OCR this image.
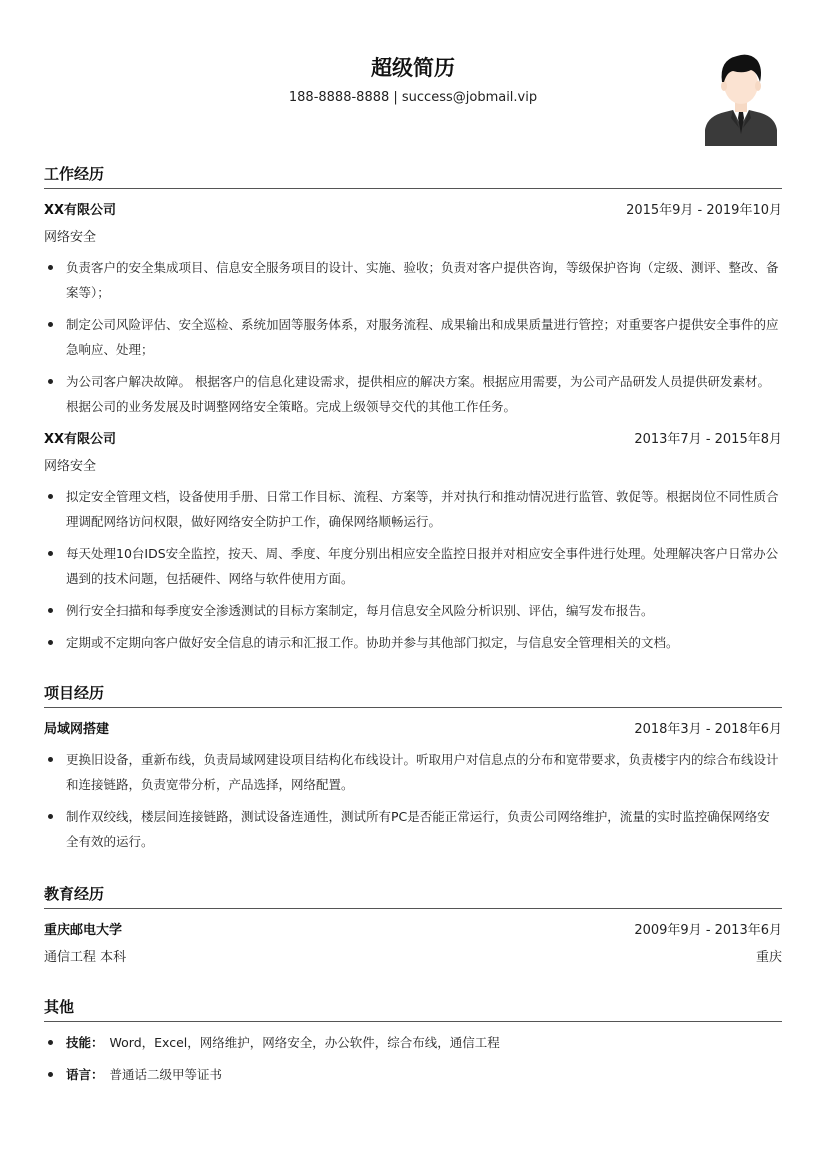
超级简历
188-8888-8888 | success@jobmail.vip
工作经历
XX有限公司	2015年9月 - 2019年10月
网络安全
负责客户的安全集成项目、信息安全服务项目的设计、实施、验收；负责对客户提供咨询，等级保护咨询（定级、测评、整改、备案等）；
制定公司风险评估、安全巡检、系统加固等服务体系，对服务流程、成果输出和成果质量进行管控；对重要客户提供安全事件的应急响应、处理；
为公司客户解决故障。 根据客户的信息化建设需求，提供相应的解决方案。根据应用需要，为公司产品研发人员提供研发素材。根据公司的业务发展及时调整网络安全策略。完成上级领导交代的其他工作任务。
XX有限公司	2013年7月 - 2015年8月
网络安全
拟定安全管理文档，设备使用手册、日常工作目标、流程、方案等，并对执行和推动情况进行监管、敦促等。根据岗位不同性质合理调配网络访问权限，做好网络安全防护工作，确保网络顺畅运行。
每天处理10台IDS安全监控，按天、周、季度、年度分别出相应安全监控日报并对相应安全事件进行处理。处理解决客户日常办公遇到的技术问题，包括硬件、网络与软件使用方面。
例行安全扫描和每季度安全渗透测试的目标方案制定，每月信息安全风险分析识别、评估，编写发布报告。
定期或不定期向客户做好安全信息的请示和汇报工作。协助并参与其他部门拟定，与信息安全管理相关的文档。
项目经历
局域网搭建	2018年3月 - 2018年6月
更换旧设备，重新布线，负责局域网建设项目结构化布线设计。听取用户对信息点的分布和宽带要求，负责楼宇内的综合布线设计和连接链路，负责宽带分析，产品选择，网络配置。
制作双绞线，楼层间连接链路，测试设备连通性，测试所有PC是否能正常运行，负责公司网络维护，流量的实时监控确保网络安全有效的运行。
教育经历
重庆邮电大学	2009年9月 - 2013年6月
通信工程 本科	重庆
其他
技能： Word，Excel，网络维护，网络安全，办公软件，综合布线，通信工程
语言： 普通话二级甲等证书
